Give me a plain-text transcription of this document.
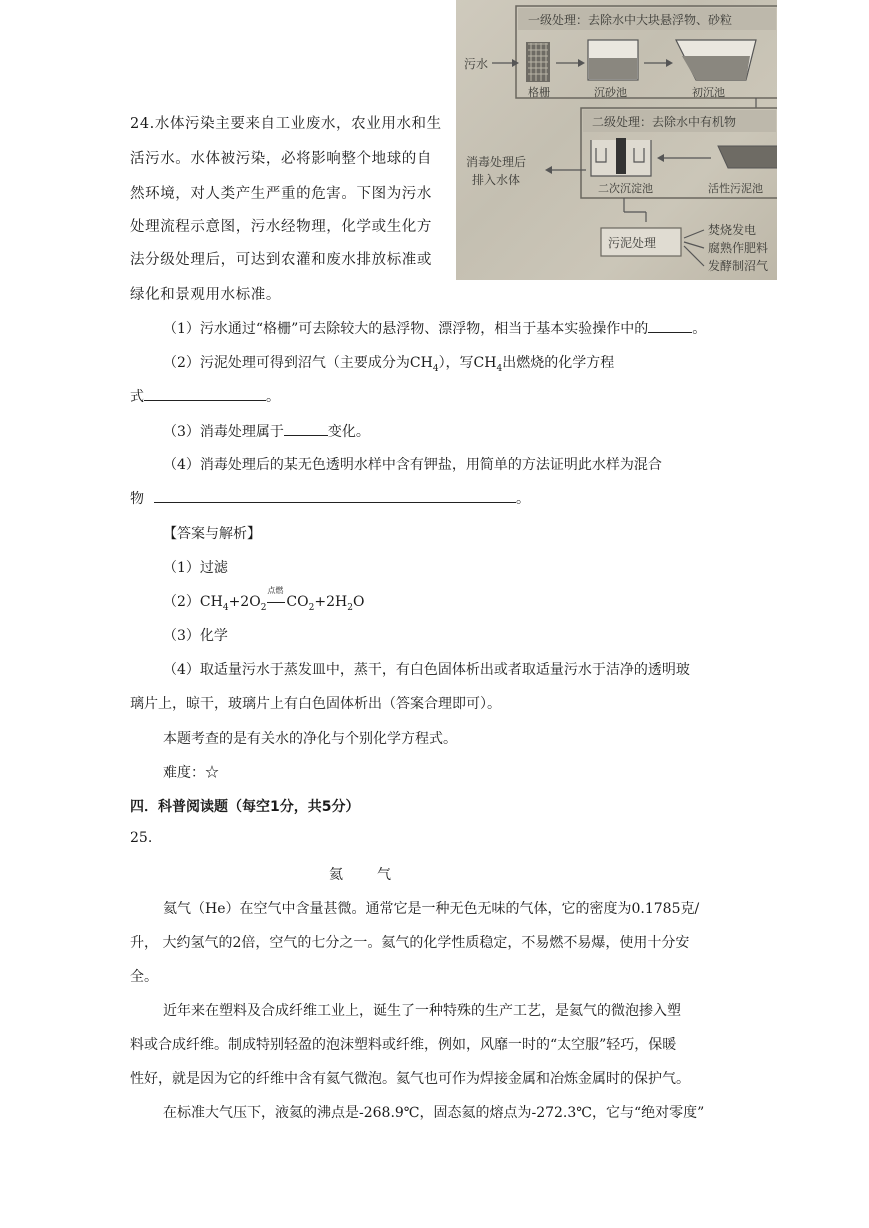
一级处理：去除水中大块悬浮物、砂粒
污水
格栅	沉砂池	初沉池
二级处理：去除水中有机物
二次沉淀池	活性污泥池
消毒处理后
排入水体
污泥处理
焚烧发电
腐熟作肥料
发酵制沼气
24.水体污染主要来自工业废水，农业用水和生
活污水。水体被污染，必将影响整个地球的自
然环境，对人类产生严重的危害。下图为污水
处理流程示意图，污水经物理，化学或生化方
法分级处理后，可达到农灌和废水排放标准或
绿化和景观用水标准。
（1）污水通过“格栅”可去除较大的悬浮物、漂浮物，相当于基本实验操作中的	。
（2）污泥处理可得到沼气（主要成分为$CH_4$），写$CH_4$出燃烧的化学方程
式	。
（3）消毒处理属于	变化。
（4）消毒处理后的某无色透明水样中含有钾盐，用简单的方法证明此水样为混合
物	。
【答案与解析】
（1）过滤
$(2)CH_4+2O_2$
点燃
$CO_2+2H_2O$
（3）化学
（4）取适量污水于蒸发皿中，蒸干，有白色固体析出或者取适量污水于洁净的透明玻
璃片上，晾干，玻璃片上有白色固体析出（答案合理即可）。
本题考查的是有关水的净化与个别化学方程式。
难度：☆
四．科普阅读题（每空1分，共5分）
25.
氦　　气
氦气（He）在空气中含量甚微。通常它是一种无色无味的气体，它的密度为0.1785克/
升， 大约氢气的2倍，空气的七分之一。氦气的化学性质稳定，不易燃不易爆，使用十分安
全。
近年来在塑料及合成纤维工业上，诞生了一种特殊的生产工艺，是氦气的微泡掺入塑
料或合成纤维。制成特别轻盈的泡沫塑料或纤维，例如，风靡一时的“太空服”轻巧，保暖
性好，就是因为它的纤维中含有氦气微泡。氦气也可作为焊接金属和冶炼金属时的保护气。
在标准大气压下，液氦的沸点是-268.9℃，固态氦的熔点为-272.3℃，它与“绝对零度”
